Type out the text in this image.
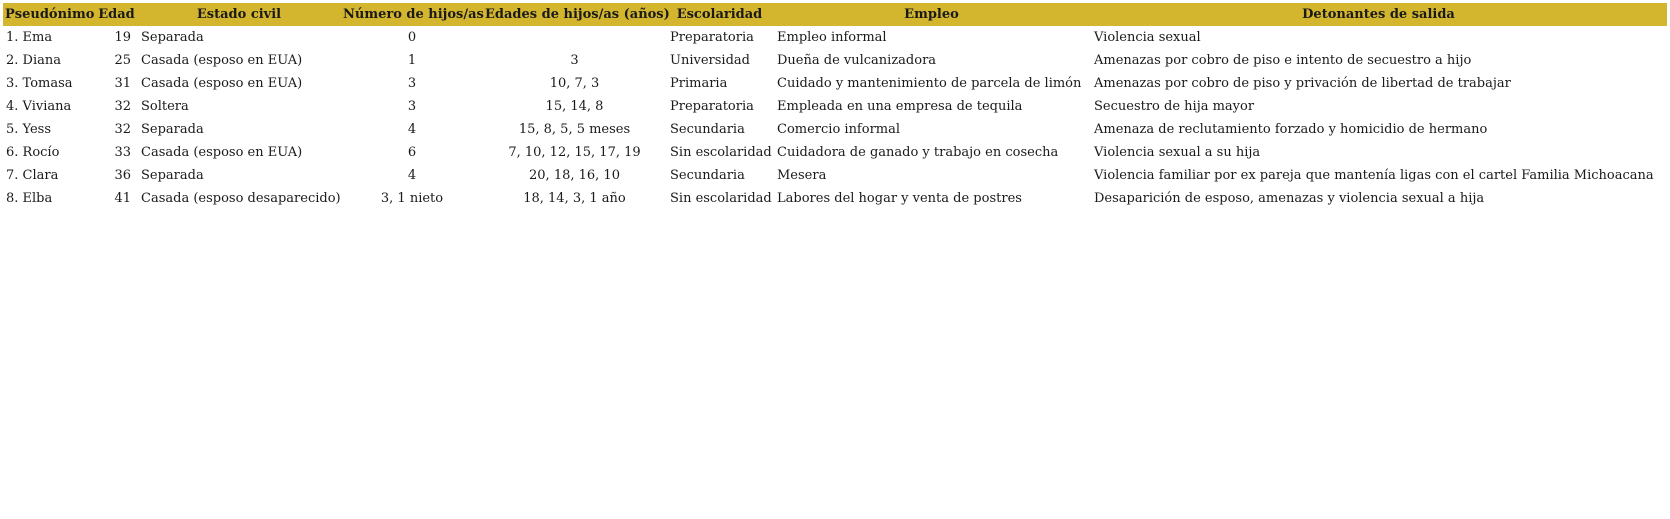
Pseudónimo	Edad	Estado civil	Número de hijos/as	Edades de hijos/as (años)	Escolaridad	Empleo	Detonantes de salida
1. Ema	19	Separada	0		Preparatoria	Empleo informal	Violencia sexual
2. Diana	25	Casada (esposo en EUA)	1	3	Universidad	Dueña de vulcanizadora	Amenazas por cobro de piso e intento de secuestro a hijo
3. Tomasa	31	Casada (esposo en EUA)	3	10, 7, 3	Primaria	Cuidado y mantenimiento de parcela de limón	Amenazas por cobro de piso y privación de libertad de trabajar
4. Viviana	32	Soltera	3	15, 14, 8	Preparatoria	Empleada en una empresa de tequila	Secuestro de hija mayor
5. Yess	32	Separada	4	15, 8, 5, 5 meses	Secundaria	Comercio informal	Amenaza de reclutamiento forzado y homicidio de hermano
6. Rocío	33	Casada (esposo en EUA)	6	7, 10, 12, 15, 17, 19	Sin escolaridad	Cuidadora de ganado y trabajo en cosecha	Violencia sexual a su hija
7. Clara	36	Separada	4	20, 18, 16, 10	Secundaria	Mesera	Violencia familiar por ex pareja que mantenía ligas con el cartel Familia Michoacana
8. Elba	41	Casada (esposo desaparecido)	3, 1 nieto	18, 14, 3, 1 año	Sin escolaridad	Labores del hogar y venta de postres	Desaparición de esposo, amenazas y violencia sexual a hija
